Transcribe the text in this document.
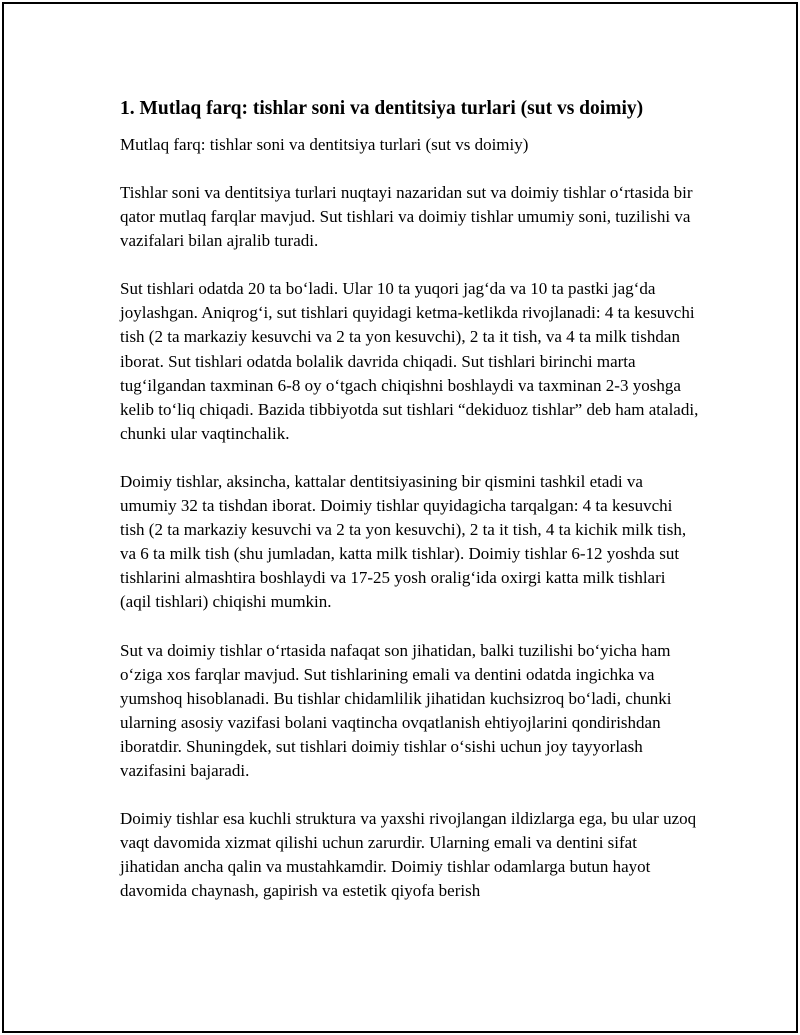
1. Mutlaq farq: tishlar soni va dentitsiya turlari (sut vs doimiy)
Mutlaq farq: tishlar soni va dentitsiya turlari (sut vs doimiy)

Tishlar soni va dentitsiya turlari nuqtayi nazaridan sut va doimiy tishlar o‘rtasida bir qator mutlaq farqlar mavjud. Sut tishlari va doimiy tishlar umumiy soni, tuzilishi va vazifalari bilan ajralib turadi.

Sut tishlari odatda 20 ta bo‘ladi. Ular 10 ta yuqori jag‘da va 10 ta pastki jag‘da joylashgan. Aniqrog‘i, sut tishlari quyidagi ketma-ketlikda rivojlanadi: 4 ta kesuvchi tish (2 ta markaziy kesuvchi va 2 ta yon kesuvchi), 2 ta it tish, va 4 ta milk tishdan iborat. Sut tishlari odatda bolalik davrida chiqadi. Sut tishlari birinchi marta tug‘ilgandan taxminan 6-8 oy o‘tgach chiqishni boshlaydi va taxminan 2-3 yoshga kelib to‘liq chiqadi. Bazida tibbiyotda sut tishlari “dekiduoz tishlar” deb ham ataladi, chunki ular vaqtinchalik.

Doimiy tishlar, aksincha, kattalar dentitsiyasining bir qismini tashkil etadi va umumiy 32 ta tishdan iborat. Doimiy tishlar quyidagicha tarqalgan: 4 ta kesuvchi tish (2 ta markaziy kesuvchi va 2 ta yon kesuvchi), 2 ta it tish, 4 ta kichik milk tish, va 6 ta milk tish (shu jumladan, katta milk tishlar). Doimiy tishlar 6-12 yoshda sut tishlarini almashtira boshlaydi va 17-25 yosh oralig‘ida oxirgi katta milk tishlari (aqil tishlari) chiqishi mumkin.

Sut va doimiy tishlar o‘rtasida nafaqat son jihatidan, balki tuzilishi bo‘yicha ham o‘ziga xos farqlar mavjud. Sut tishlarining emali va dentini odatda ingichka va yumshoq hisoblanadi. Bu tishlar chidamlilik jihatidan kuchsizroq bo‘ladi, chunki ularning asosiy vazifasi bolani vaqtincha ovqatlanish ehtiyojlarini qondirishdan iboratdir. Shuningdek, sut tishlari doimiy tishlar o‘sishi uchun joy tayyorlash vazifasini bajaradi.

Doimiy tishlar esa kuchli struktura va yaxshi rivojlangan ildizlarga ega, bu ular uzoq vaqt davomida xizmat qilishi uchun zarurdir. Ularning emali va dentini sifat jihatidan ancha qalin va mustahkamdir. Doimiy tishlar odamlarga butun hayot davomida chaynash, gapirish va estetik qiyofa berish
